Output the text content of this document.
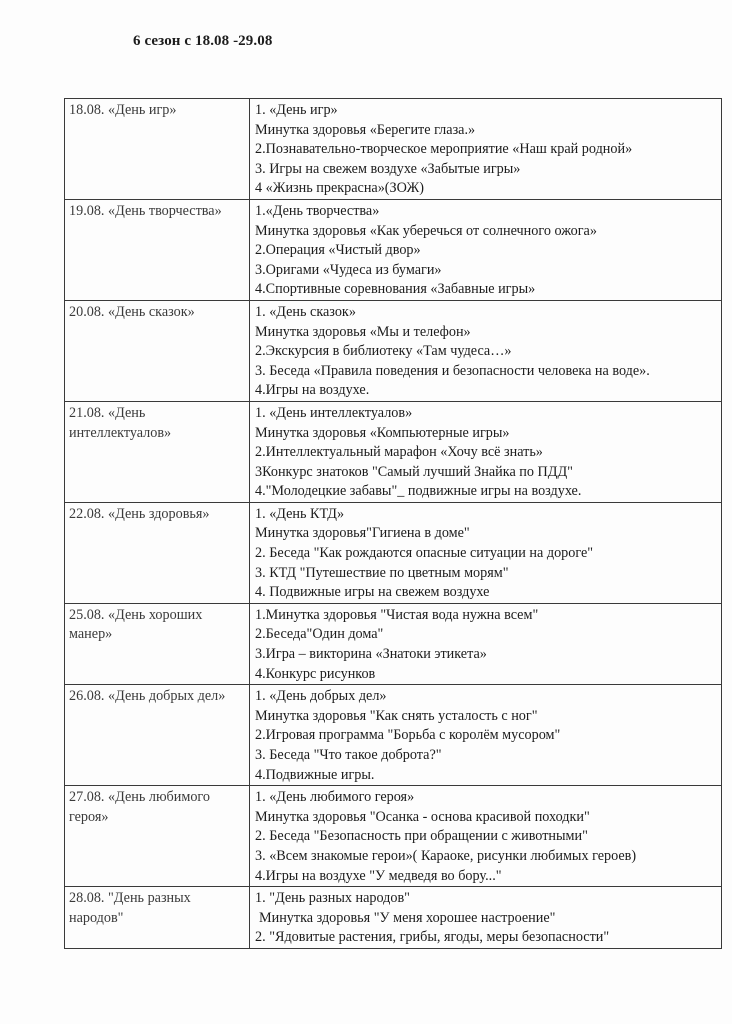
6 сезон с 18.08 -29.08
18.08. «День игр»	1. «День игр»
Минутка здоровья «Берегите глаза.»
2.Познавательно-творческое мероприятие «Наш край родной»
3. Игры на свежем воздухе «Забытые игры»
4 «Жизнь прекрасна»(ЗОЖ)

19.08. «День творчества»	1.«День творчества»
Минутка здоровья «Как уберечься от солнечного ожога»
2.Операция «Чистый двор»
3.Оригами «Чудеса из бумаги»
4.Спортивные соревнования «Забавные игры»

20.08. «День сказок»	1. «День сказок»
Минутка здоровья «Мы и телефон»
2.Экскурсия в библиотеку «Там чудеса…»
3. Беседа «Правила поведения и безопасности человека на воде».
4.Игры на воздухе.

21.08. «День интеллектуалов»	1. «День интеллектуалов»
Минутка здоровья «Компьютерные игры»
2.Интеллектуальный марафон «Хочу всё знать»
3Конкурс знатоков "Самый лучший Знайка по ПДД"
4."Молодецкие забавы"_ подвижные игры на воздухе.

22.08. «День здоровья»	1. «День КТД»
Минутка здоровья"Гигиена в доме"
2. Беседа "Как рождаются опасные ситуации на дороге"
3. КТД "Путешествие по цветным морям"
4. Подвижные игры на свежем воздухе

25.08. «День хороших манер»	1.Минутка здоровья "Чистая вода нужна всем"
2.Беседа"Один дома"
3.Игра – викторина «Знатоки этикета»
4.Конкурс рисунков

26.08. «День добрых дел»	1. «День добрых дел»
Минутка здоровья "Как снять усталость с ног"
2.Игровая программа "Борьба с королём мусором"
3. Беседа "Что такое доброта?"
4.Подвижные игры.

27.08. «День любимого героя»	1. «День любимого героя»
Минутка здоровья "Осанка - основа красивой походки"
2. Беседа "Безопасность при обращении с животными"
3. «Всем знакомые герои»( Караоке, рисунки любимых героев)
4.Игры на воздухе "У медведя во бору..."

28.08. "День разных народов"	1. "День разных народов"
Минутка здоровья "У меня хорошее настроение"
2. "Ядовитые растения, грибы, ягоды, меры безопасности"
